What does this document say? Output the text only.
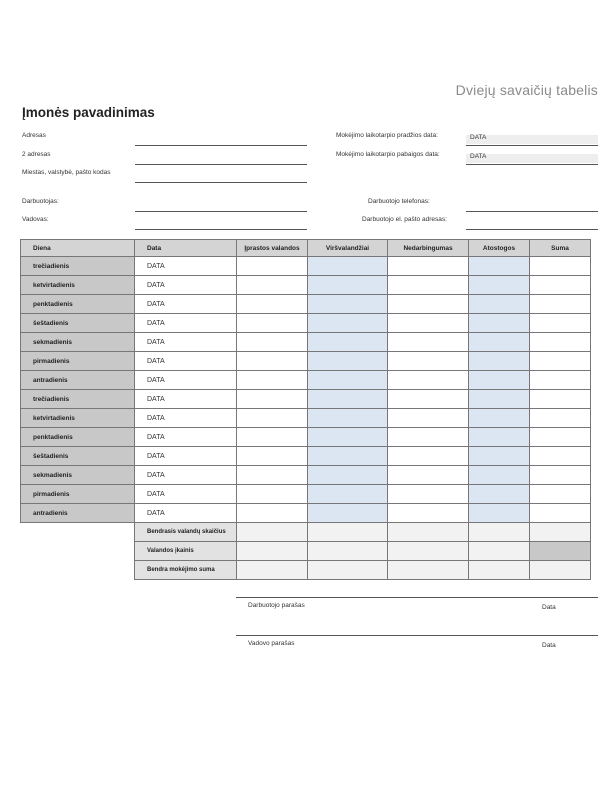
Dviejų savaičių tabelis
Įmonės pavadinimas
Adresas
2 adresas
Miestas, valstybė, pašto kodas
Darbuotojas:
Vadovas:
Mokėjimo laikotarpio pradžios data:	DATA
Mokėjimo laikotarpio pabaigos data:	DATA
Darbuotojo telefonas:
Darbuotojo el. pašto adresas:
Diena	Data	Įprastos valandos	Viršvalandžiai	Nedarbingumas	Atostogos	Suma
trečiadienis	DATA					
ketvirtadienis	DATA					
penktadienis	DATA					
šeštadienis	DATA					
sekmadienis	DATA					
pirmadienis	DATA					
antradienis	DATA					
trečiadienis	DATA					
ketvirtadienis	DATA					
penktadienis	DATA					
šeštadienis	DATA					
sekmadienis	DATA					
pirmadienis	DATA					
antradienis	DATA					
	Bendrasis valandų skaičius					
	Valandos įkainis					
	Bendra mokėjimo suma					
Darbuotojo parašas	Data
Vadovo parašas	Data
